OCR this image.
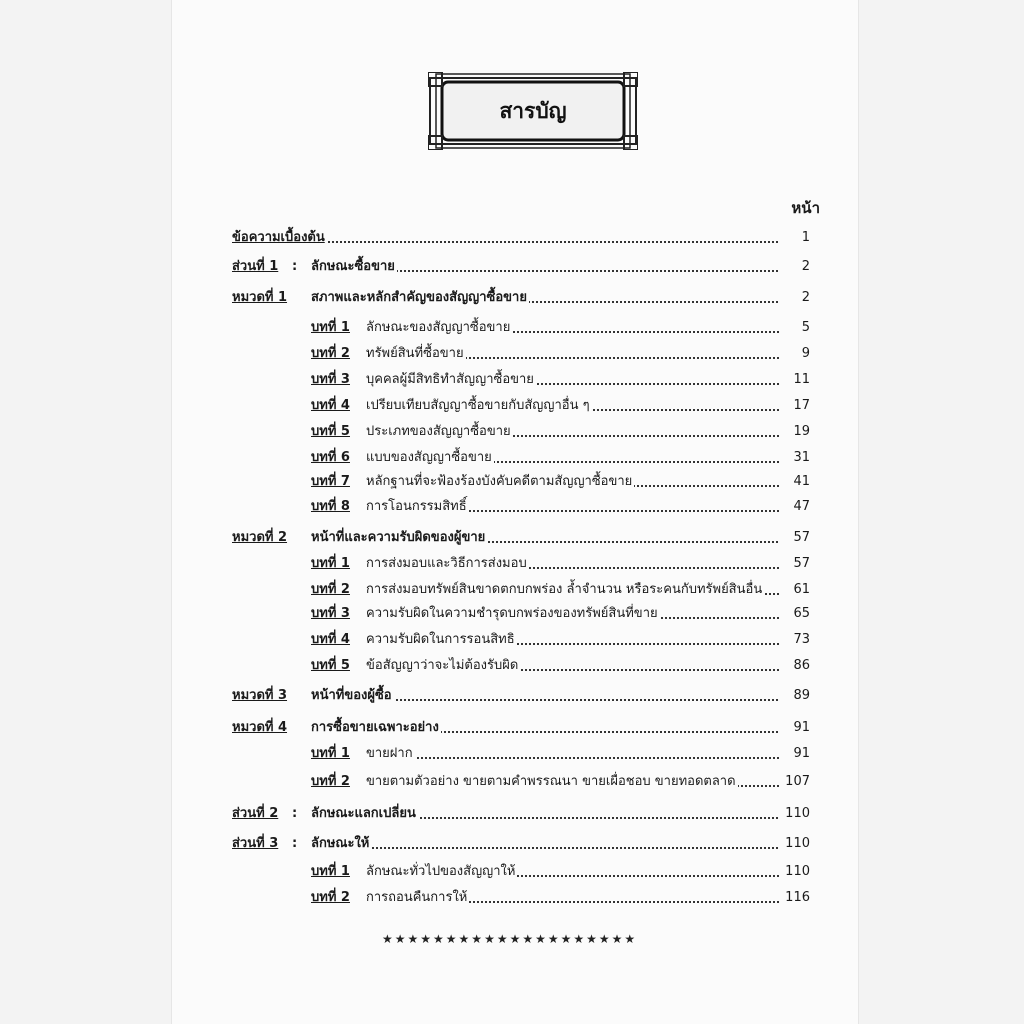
สารบัญ
หน้า
ข้อความเบื้องต้น	1
ส่วนที่ 1 : ลักษณะซื้อขาย	2
หมวดที่ 1 สภาพและหลักสำคัญของสัญญาซื้อขาย	2
บทที่ 1 ลักษณะของสัญญาซื้อขาย	5
บทที่ 2 ทรัพย์สินที่ซื้อขาย	9
บทที่ 3 บุคคลผู้มีสิทธิทำสัญญาซื้อขาย	11
บทที่ 4 เปรียบเทียบสัญญาซื้อขายกับสัญญาอื่น ๆ	17
บทที่ 5 ประเภทของสัญญาซื้อขาย	19
บทที่ 6 แบบของสัญญาซื้อขาย	31
บทที่ 7 หลักฐานที่จะฟ้องร้องบังคับคดีตามสัญญาซื้อขาย	41
บทที่ 8 การโอนกรรมสิทธิ์	47
หมวดที่ 2 หน้าที่และความรับผิดของผู้ขาย	57
บทที่ 1 การส่งมอบและวิธีการส่งมอบ	57
บทที่ 2 การส่งมอบทรัพย์สินขาดตกบกพร่อง ล้ำจำนวน หรือระคนกับทรัพย์สินอื่น	61
บทที่ 3 ความรับผิดในความชำรุดบกพร่องของทรัพย์สินที่ขาย	65
บทที่ 4 ความรับผิดในการรอนสิทธิ	73
บทที่ 5 ข้อสัญญาว่าจะไม่ต้องรับผิด	86
หมวดที่ 3 หน้าที่ของผู้ซื้อ	89
หมวดที่ 4 การซื้อขายเฉพาะอย่าง	91
บทที่ 1 ขายฝาก	91
บทที่ 2 ขายตามตัวอย่าง ขายตามคำพรรณนา ขายเผื่อชอบ ขายทอดตลาด	107
ส่วนที่ 2 : ลักษณะแลกเปลี่ยน	110
ส่วนที่ 3 : ลักษณะให้	110
บทที่ 1 ลักษณะทั่วไปของสัญญาให้	110
บทที่ 2 การถอนคืนการให้	116
★★★★★★★★★★★★★★★★★★★★
